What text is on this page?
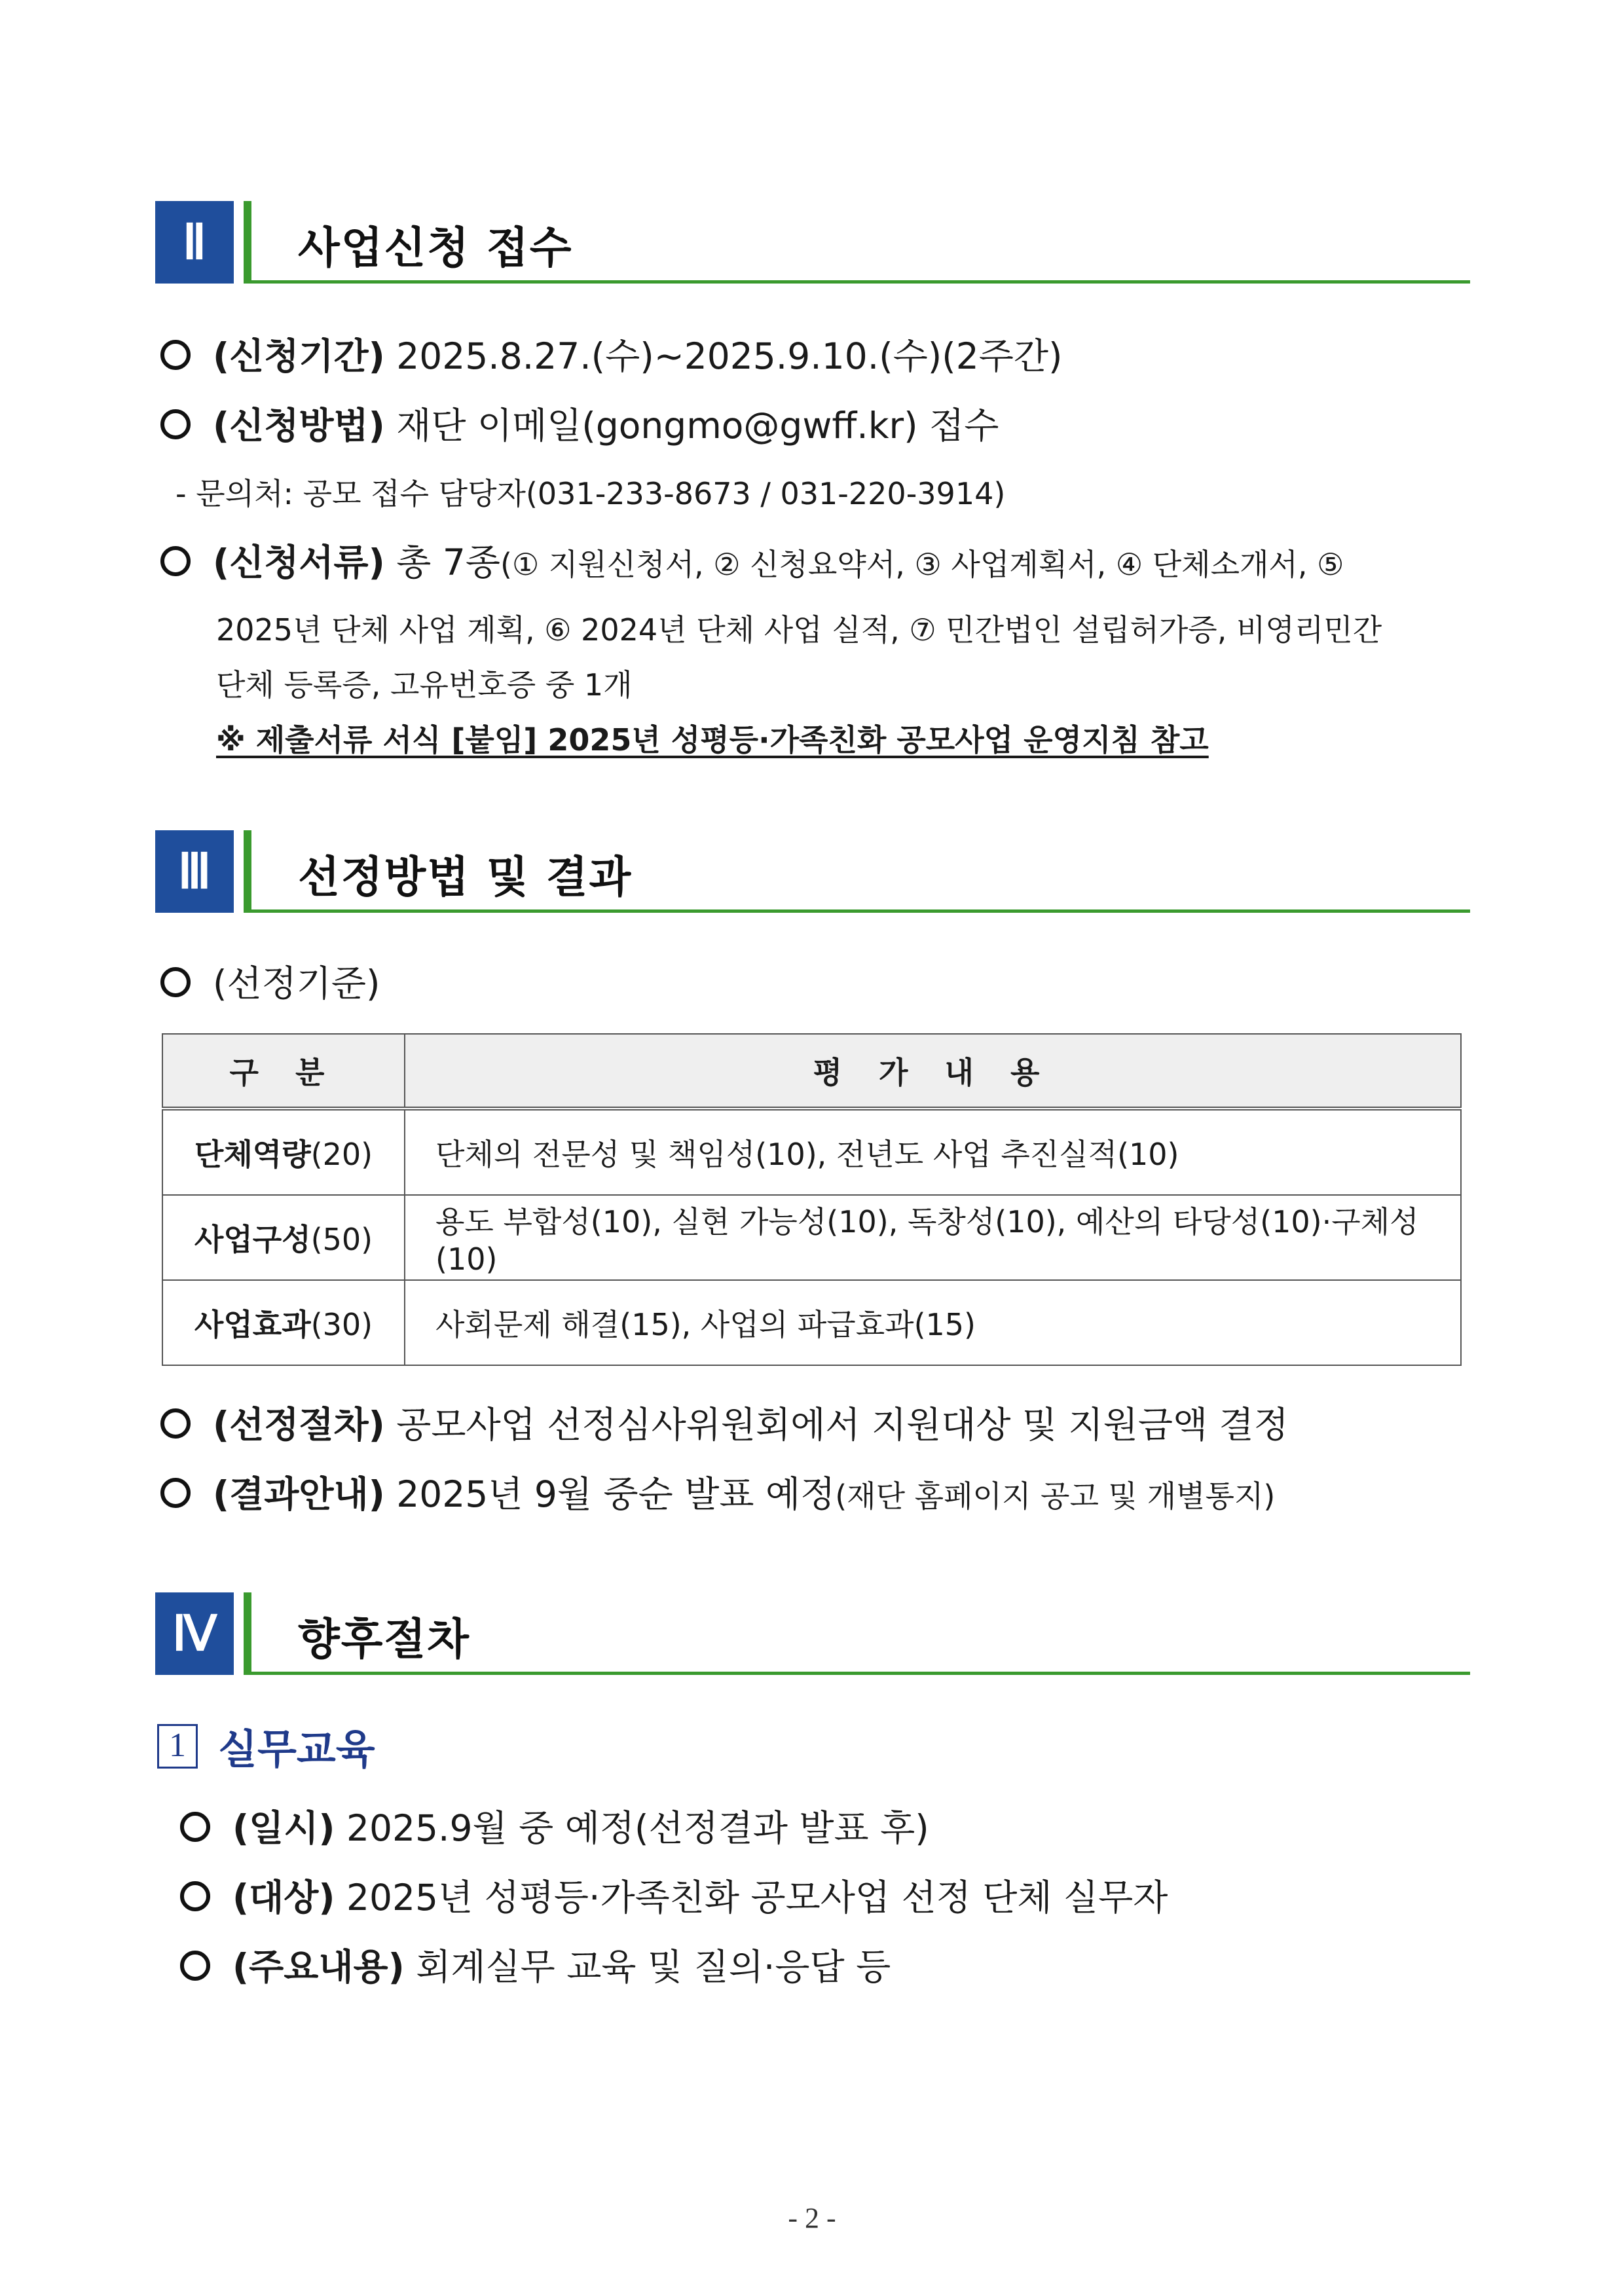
Ⅱ	사업신청 접수
(신청기간) 2025.8.27.(수)~2025.9.10.(수)(2주간)
(신청방법) 재단 이메일(gongmo@gwff.kr) 접수
- 문의처: 공모 접수 담당자(031-233-8673 / 031-220-3914)
(신청서류) 총 7종(① 지원신청서, ② 신청요약서, ③ 사업계획서, ④ 단체소개서, ⑤
2025년 단체 사업 계획, ⑥ 2024년 단체 사업 실적, ⑦ 민간법인 설립허가증, 비영리민간
단체 등록증, 고유번호증 중 1개
※ 제출서류 서식 [붙임] 2025년 성평등·가족친화 공모사업 운영지침 참고
Ⅲ	선정방법 및 결과
(선정기준)
구 분	평 가 내 용
단체역량(20)	단체의 전문성 및 책임성(10), 전년도 사업 추진실적(10)
사업구성(50)	용도 부합성(10), 실현 가능성(10), 독창성(10), 예산의 타당성(10)·구체성(10)
사업효과(30)	사회문제 해결(15), 사업의 파급효과(15)
(선정절차) 공모사업 선정심사위원회에서 지원대상 및 지원금액 결정
(결과안내) 2025년 9월 중순 발표 예정(재단 홈페이지 공고 및 개별통지)
Ⅳ	향후절차
1 실무교육
(일시) 2025.9월 중 예정(선정결과 발표 후)
(대상) 2025년 성평등·가족친화 공모사업 선정 단체 실무자
(주요내용) 회계실무 교육 및 질의·응답 등
- 2 -
